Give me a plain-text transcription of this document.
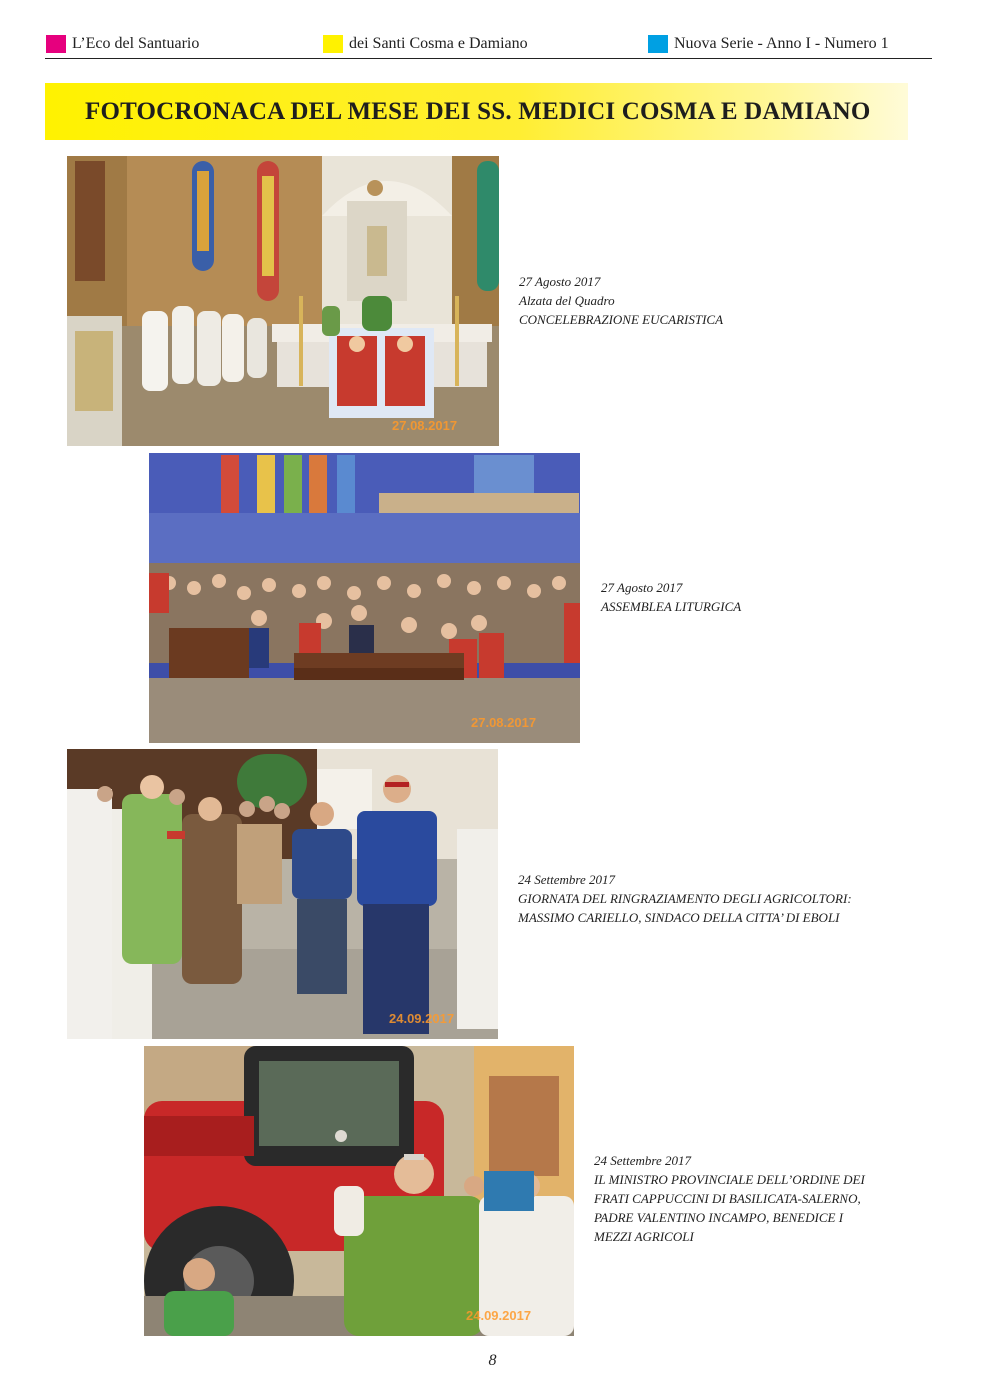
L’Eco del Santuario	dei Santi Cosma e Damiano	Nuova Serie - Anno I - Numero 1
FOTOCRONACA DEL MESE DEI SS. MEDICI COSMA E DAMIANO
27.08.2017
27 Agosto 2017
Alzata del Quadro
CONCELEBRAZIONE EUCARISTICA
27.08.2017
27 Agosto 2017
ASSEMBLEA LITURGICA
24.09.2017
24 Settembre 2017
GIORNATA DEL RINGRAZIAMENTO DEGLI AGRICOLTORI:
MASSIMO CARIELLO, SINDACO DELLA CITTA’ DI EBOLI
24.09.2017
24 Settembre 2017
IL MINISTRO PROVINCIALE DELL’ORDINE DEI
FRATI CAPPUCCINI DI BASILICATA-SALERNO,
PADRE VALENTINO INCAMPO, BENEDICE I
MEZZI AGRICOLI
8
